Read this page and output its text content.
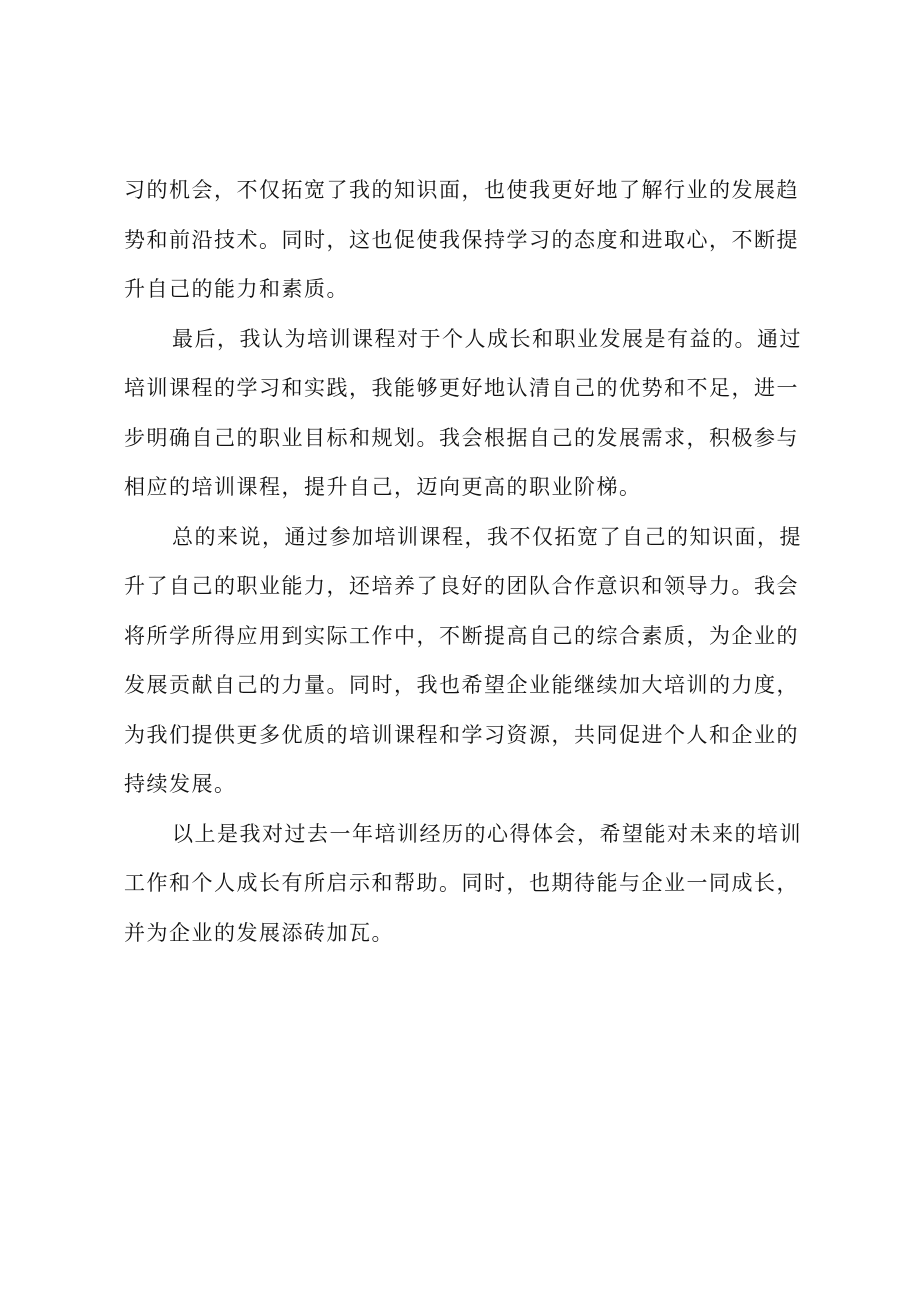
习的机会，不仅拓宽了我的知识面，也使我更好地了解行业的发展趋
势和前沿技术。同时，这也促使我保持学习的态度和进取心，不断提
升自己的能力和素质。
最后，我认为培训课程对于个人成长和职业发展是有益的。通过
培训课程的学习和实践，我能够更好地认清自己的优势和不足，进一
步明确自己的职业目标和规划。我会根据自己的发展需求，积极参与
相应的培训课程，提升自己，迈向更高的职业阶梯。
总的来说，通过参加培训课程，我不仅拓宽了自己的知识面，提
升了自己的职业能力，还培养了良好的团队合作意识和领导力。我会
将所学所得应用到实际工作中，不断提高自己的综合素质，为企业的
发展贡献自己的力量。同时，我也希望企业能继续加大培训的力度，
为我们提供更多优质的培训课程和学习资源，共同促进个人和企业的
持续发展。
以上是我对过去一年培训经历的心得体会，希望能对未来的培训
工作和个人成长有所启示和帮助。同时，也期待能与企业一同成长，
并为企业的发展添砖加瓦。
